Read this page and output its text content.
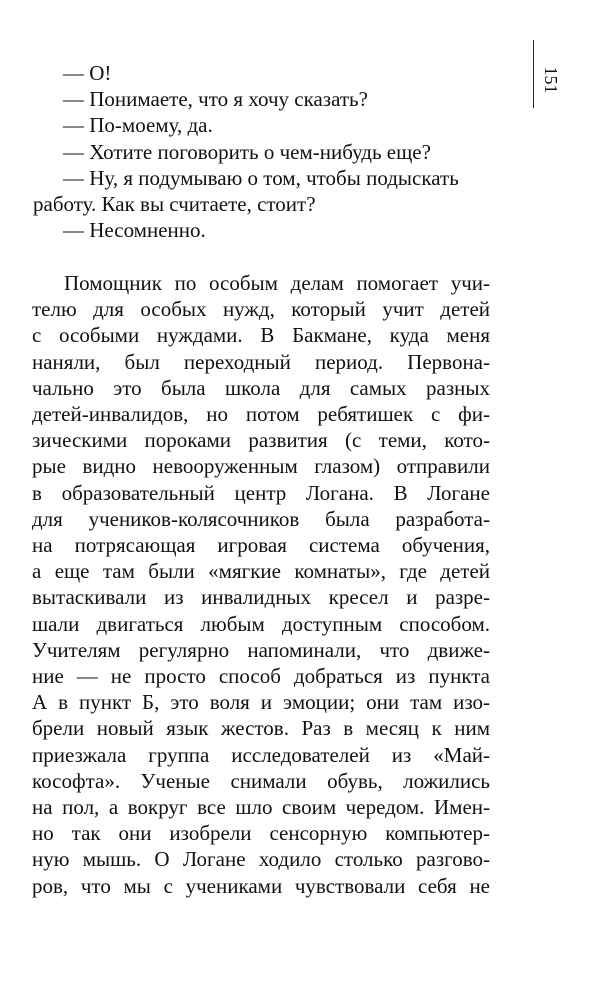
151

— О!

— Понимаете, что я хочу сказать?

— По-моему, да.

— Хотите поговорить о чем-нибудь еще?

— Ну, я подумываю о том, чтобы подыскать

работу. Как вы считаете, стоит?

— Несомненно.

Помощник по особым делам помогает учи-
телю для особых нужд, который учит детей
с особыми нуждами. В Бакмане, куда меня
наняли, был переходный период. Первона-
чально это была школа для самых разных
детей-инвалидов, но потом ребятишек с фи-
зическими пороками развития (с теми, кото-
рые видно невооруженным глазом) отправили
в образовательный центр Логана. В Логане
для учеников-колясочников была разработа-
на потрясающая игровая система обучения,
а еще там были «мягкие комнаты», где детей
вытаскивали из инвалидных кресел и разре-
шали двигаться любым доступным способом.
Учителям регулярно напоминали, что движе-
ние — не просто способ добраться из пункта
А в пункт Б, это воля и эмоции; они там изо-
брели новый язык жестов. Раз в месяц к ним
приезжала группа исследователей из «Май-
кософта». Ученые снимали обувь, ложились
на пол, а вокруг все шло своим чередом. Имен-
но так они изобрели сенсорную компьютер-
ную мышь. О Логане ходило столько разгово-
ров, что мы с учениками чувствовали себя не
